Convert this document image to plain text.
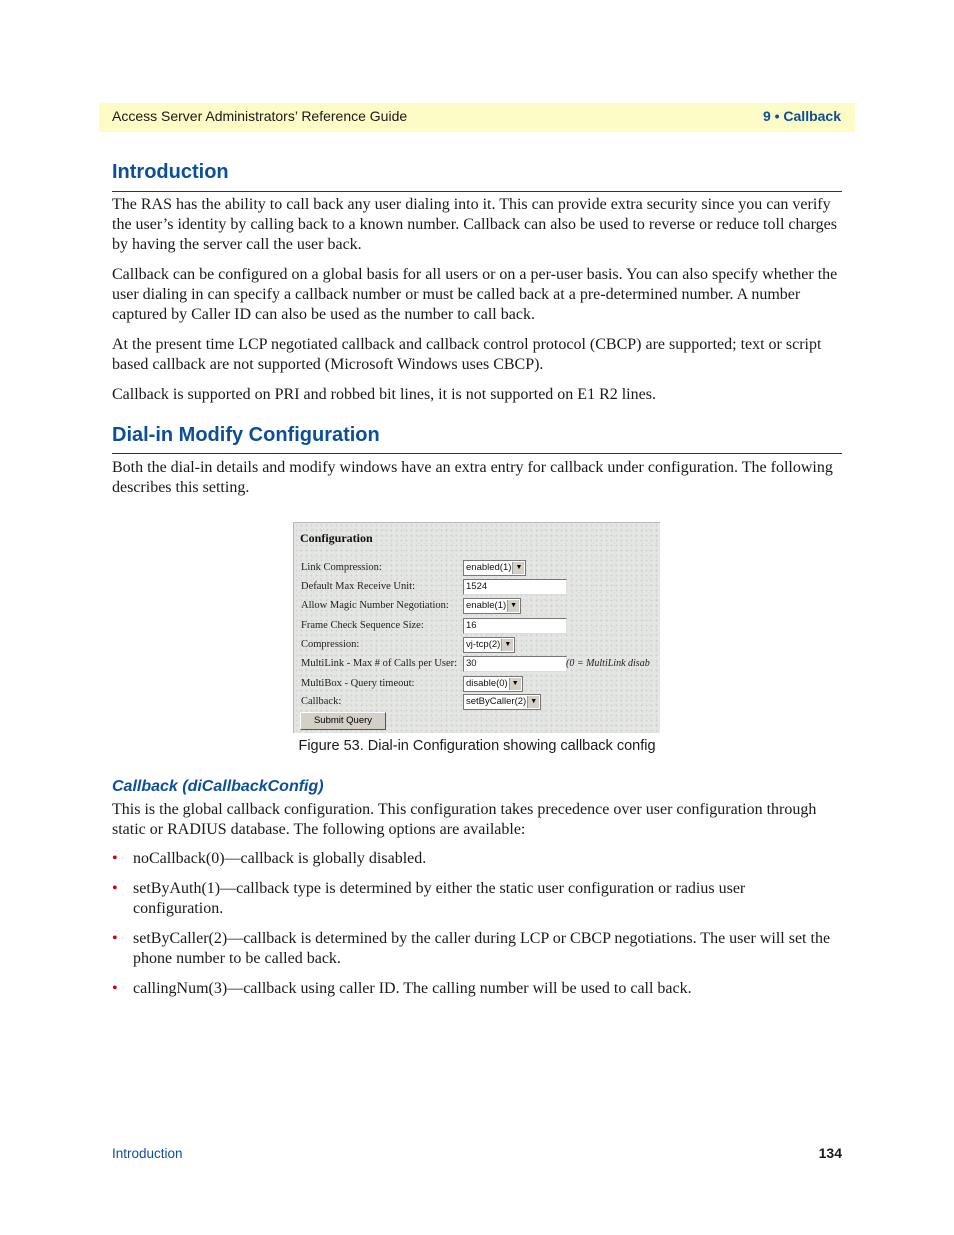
Access Server Administrators’ Reference Guide	9 • Callback
Introduction

The RAS has the ability to call back any user dialing into it. This can provide extra security since you can verify the user’s identity by calling back to a known number. Callback can also be used to reverse or reduce toll charges by having the server call the user back.

Callback can be configured on a global basis for all users or on a per-user basis. You can also specify whether the user dialing in can specify a callback number or must be called back at a pre-determined number. A number captured by Caller ID can also be used as the number to call back.

At the present time LCP negotiated callback and callback control protocol (CBCP) are supported; text or script based callback are not supported (Microsoft Windows uses CBCP).

Callback is supported on PRI and robbed bit lines, it is not supported on E1 R2 lines.

Dial-in Modify Configuration

Both the dial-in details and modify windows have an extra entry for callback under configuration. The following describes this setting.

Configuration
Link Compression:	enabled(1) ▼
Default Max Receive Unit:	1524
Allow Magic Number Negotiation:	enable(1) ▼
Frame Check Sequence Size:	16
Compression:	vj-tcp(2) ▼
MultiLink - Max # of Calls per User: 30	(0 = MultiLink disab
MultiBox - Query timeout:	disable(0) ▼
Callback:	setByCaller(2) ▼
Submit Query
Figure 53. Dial-in Configuration showing callback config
Callback (diCallbackConfig)

This is the global callback configuration. This configuration takes precedence over user configuration through static or RADIUS database. The following options are available:

• noCallback(0)—callback is globally disabled.
• setByAuth(1)—callback type is determined by either the static user configuration or radius user configuration.
• setByCaller(2)—callback is determined by the caller during LCP or CBCP negotiations. The user will set the phone number to be called back.
• callingNum(3)—callback using caller ID. The calling number will be used to call back.
Introduction	134
